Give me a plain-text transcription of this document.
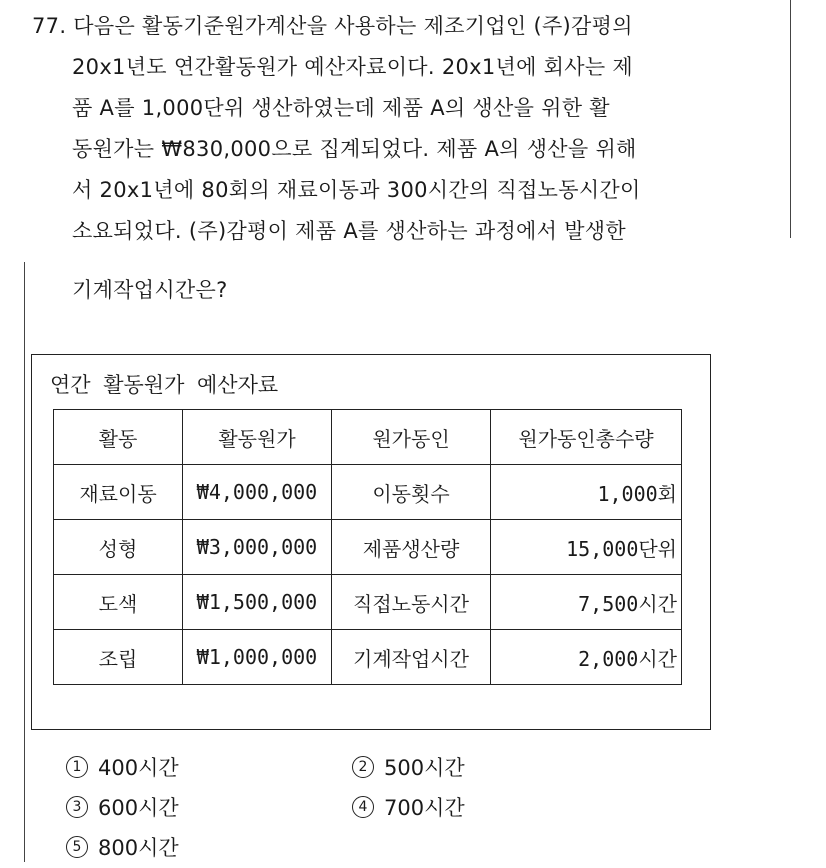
77. 다음은 활동기준원가계산을 사용하는 제조기업인 (주)감평의
20x1년도 연간활동원가 예산자료이다. 20x1년에 회사는 제
품 A를 1,000단위 생산하였는데 제품 A의 생산을 위한 활
동원가는 ₩830,000으로 집계되었다. 제품 A의 생산을 위해
서 20x1년에 80회의 재료이동과 300시간의 직접노동시간이
소요되었다. (주)감평이 제품 A를 생산하는 과정에서 발생한
기계작업시간은?
연간 활동원가 예산자료
활동	활동원가	원가동인	원가동인총수량
재료이동	₩4,000,000	이동횟수	1,000회
성형	₩3,000,000	제품생산량	15,000단위
도색	₩1,500,000	직접노동시간	7,500시간
조립	₩1,000,000	기계작업시간	2,000시간
1 400시간	2 500시간
3 600시간	4 700시간
5 800시간
